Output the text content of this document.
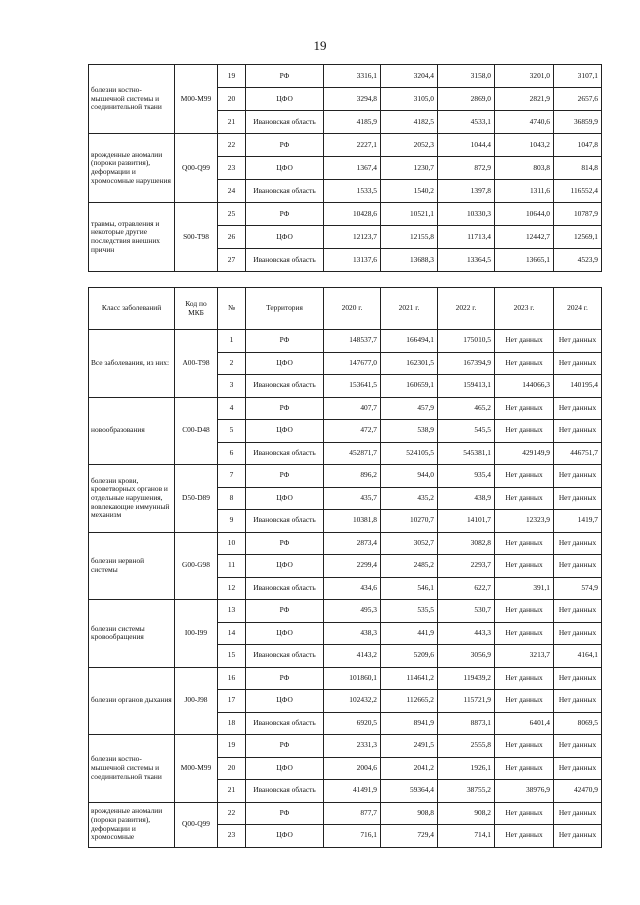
19
болезни костно-мышечной системы и соединительной ткани	M00-M99	19	РФ	3316,1	3204,4	3158,0	3201,0	3107,1
		20	ЦФО	3294,8	3105,0	2869,0	2821,9	2657,6
		21	Ивановская область	4185,9	4182,5	4533,1	4740,6	36859,9
врожденные аномалии (пороки развития), деформации и хромосомные нарушения	Q00-Q99	22	РФ	2227,1	2052,3	1044,4	1043,2	1047,8
		23	ЦФО	1367,4	1230,7	872,9	803,8	814,8
		24	Ивановская область	1533,5	1540,2	1397,8	1311,6	116552,4
травмы, отравления и некоторые другие последствия внешних причин	S00-T98	25	РФ	10428,6	10521,1	10330,3	10644,0	10787,9
		26	ЦФО	12123,7	12155,8	11713,4	12442,7	12569,1
		27	Ивановская область	13137,6	13688,3	13364,5	13665,1	4523,9
Класс заболеваний	Код по МКБ	№	Территория	2020 г.	2021 г.	2022 г.	2023 г.	2024 г.
Все заболевания, из них:	A00-T98	1	РФ	148537,7	166494,1	175010,5	Нет данных	Нет данных
		2	ЦФО	147677,0	162301,5	167394,9	Нет данных	Нет данных
		3	Ивановская область	153641,5	160659,1	159413,1	144066,3	140195,4
новообразования	C00-D48	4	РФ	407,7	457,9	465,2	Нет данных	Нет данных
		5	ЦФО	472,7	538,9	545,5	Нет данных	Нет данных
		6	Ивановская область	452871,7	524105,5	545381,1	429149,9	446751,7
болезни крови, кроветворных органов и отдельные нарушения, вовлекающие иммунный механизм	D50-D89	7	РФ	896,2	944,0	935,4	Нет данных	Нет данных
		8	ЦФО	435,7	435,2	438,9	Нет данных	Нет данных
		9	Ивановская область	10381,8	10270,7	14101,7	12323,9	1419,7
болезни нервной системы	G00-G98	10	РФ	2873,4	3052,7	3082,8	Нет данных	Нет данных
		11	ЦФО	2299,4	2485,2	2293,7	Нет данных	Нет данных
		12	Ивановская область	434,6	546,1	622,7	391,1	574,9
болезни системы кровообращения	I00-I99	13	РФ	495,3	535,5	530,7	Нет данных	Нет данных
		14	ЦФО	438,3	441,9	443,3	Нет данных	Нет данных
		15	Ивановская область	4143,2	5209,6	3056,9	3213,7	4164,1
болезни органов дыхания	J00-J98	16	РФ	101860,1	114641,2	119439,2	Нет данных	Нет данных
		17	ЦФО	102432,2	112665,2	115721,9	Нет данных	Нет данных
		18	Ивановская область	6920,5	8941,9	8873,1	6401,4	8069,5
болезни костно-мышечной системы и соединительной ткани	M00-M99	19	РФ	2331,3	2491,5	2555,8	Нет данных	Нет данных
		20	ЦФО	2004,6	2041,2	1926,1	Нет данных	Нет данных
		21	Ивановская область	41491,9	59364,4	38755,2	38976,9	42470,9
врожденные аномалии (пороки развития), деформации и хромосомные	Q00-Q99	22	РФ	877,7	908,8	908,2	Нет данных	Нет данных
		23	ЦФО	716,1	729,4	714,1	Нет данных	Нет данных
